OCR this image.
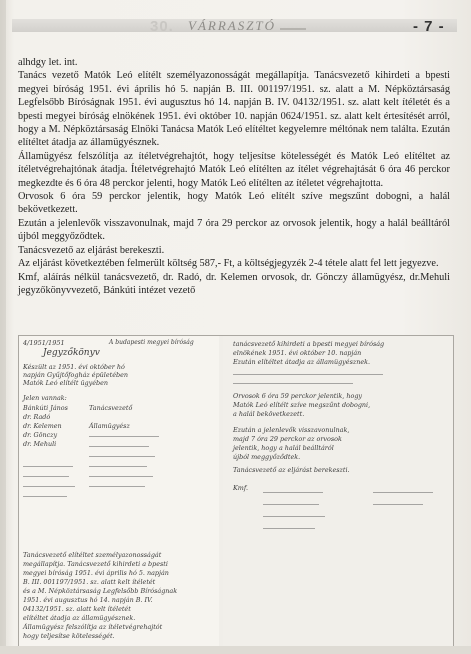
30. VÁRRASZTÓ	- 7 -

alhdgy let. int.

Tanács vezető Matók Leó elítélt személyazonosságát megállapítja. Tanácsvezető kihirdeti a bpesti megyei bíróság 1951. évi április hó 5. napján B. III. 001197/1951. sz. alatt a M. Népköztársaság Legfelsőbb Bíróságnak 1951. évi augusztus hó 14. napján B. IV. 04132/1951. sz. alatt kelt ítéletét és a bpesti megyei bíróság elnökének 1951. évi október 10. napján 0624/1951. sz. alatt kelt értesítését arról, hogy a M. Népköztársaság Elnöki Tanácsa Matók Leó elítéltet kegyelemre méltónak nem találta. Ezután elítéltet átadja az államügyésznek.

Államügyész felszólítja az ítéletvégrehajtót, hogy teljesítse kötelességét és Matók Leó elítéltet az ítéletvégrehajtónak átadja. Ítéletvégrehajtó Matók Leó elítélten az ítélet végrehajtását 6 óra 46 perckor megkezdte és 6 óra 48 perckor jelenti, hogy Matók Leó elítélten az ítéletet végrehajtotta.

Orvosok 6 óra 59 perckor jelentik, hogy Matók Leó elítélt szíve megszűnt dobogni, a halál bekövetkezett.

Ezután a jelenlevők visszavonulnak, majd 7 óra 29 perckor az orvosok jelentik, hogy a halál beálltáról újból meggyőződtek.

Tanácsvezető az eljárást berekeszti.

Az eljárást következtében felmerült költség 587,- Ft, a költségjegyzék 2-4 tétele alatt fel lett jegyezve.

Kmf, aláírás nélkül tanácsvezető, dr. Radó, dr. Kelemen orvosok, dr. Gönczy államügyész, dr.Mehuli jegyzőkönyvvezető, Bánkúti intézet vezető

4/1951/1951	A budapesti megyei bíróság
Jegyzőkönyv
Készült az 1951. évi október hó
napján Gyűjtőfogház épületében
Matók Leó elítélt ügyében
Jelen vannak:
Bánkúti János
dr. Radó
dr. Kelemen
dr. Gönczy
dr. Mehuli
Tanácsvezető
Államügyész
Tanácsvezető elítéltet személyazonosságát
megállapítja. Tanácsvezető kihirdeti a bpesti
megyei bíróság 1951. évi április hó 5. napján
B. III. 001197/1951. sz. alatt kelt ítéletét
és a M. Népköztársaság Legfelsőbb Bíróságnak
1951. évi augusztus hó 14. napján B. IV.
04132/1951. sz. alatt kelt ítéletét
elítéltet átadja az államügyésznek.
Államügyész felszólítja az ítéletvégrehajtót
hogy teljesítse kötelességét.
tanácsvezető kihirdeti a bpesti megyei bíróság
elnökének 1951. évi október 10. napján
Ezután elítéltet átadja az államügyésznek.
Orvosok 6 óra 59 perckor jelentik, hogy
Matók Leó elítélt szíve megszűnt dobogni,
a halál bekövetkezett.
Ezután a jelenlevők visszavonulnak,
majd 7 óra 29 perckor az orvosok
jelentik, hogy a halál beálltáról
újból meggyőződtek.
Tanácsvezető az eljárást berekeszti.
Kmf.
